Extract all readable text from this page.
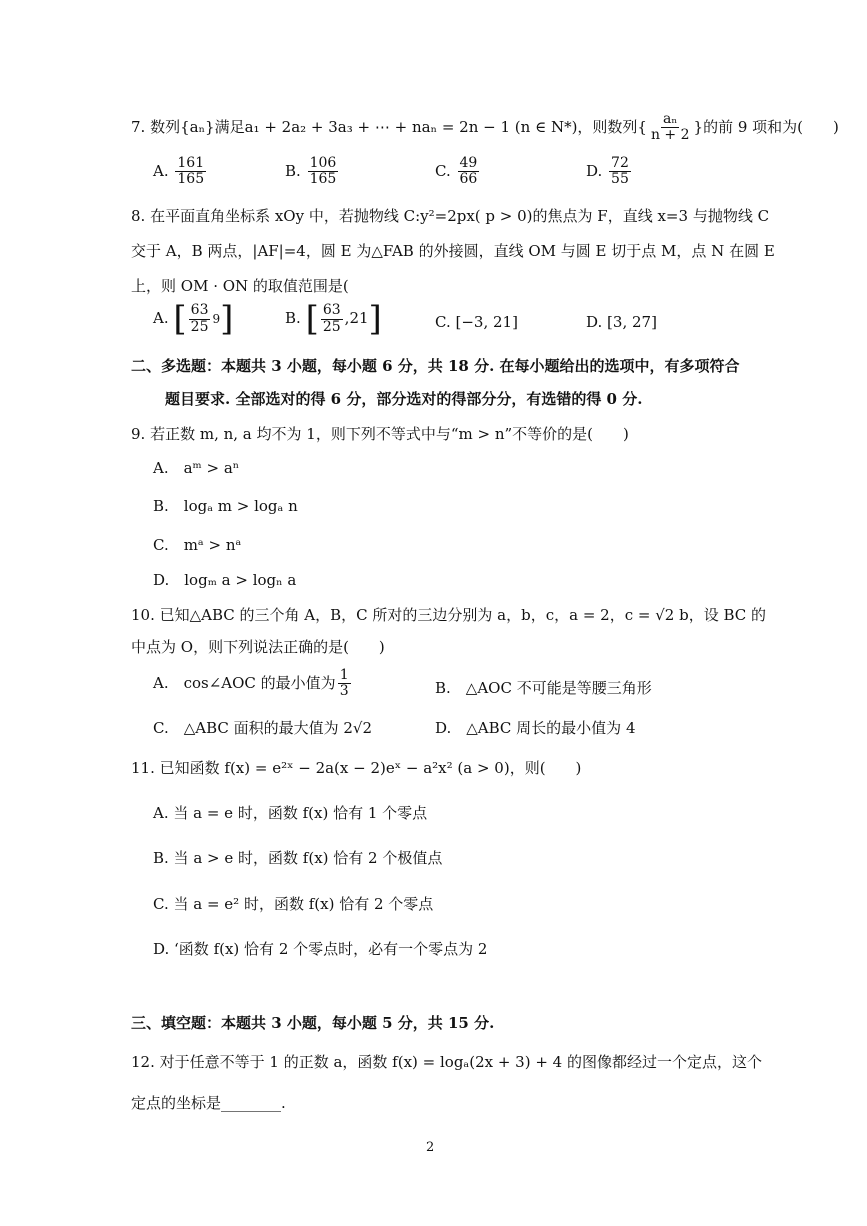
7. 数列{aₙ}满足a₁ + 2a₂ + 3a₃ + ⋯ + naₙ = 2n − 1 (n ∈ N*)，则数列{ $\frac{\text{aₙ}}{n + 2}$ }的前 9 项和为(　　)
A. $\frac{161}{165}$	B. $\frac{106}{165}$	C. $\frac{49}{66}$	D. $\frac{72}{55}$
8. 在平面直角坐标系 xOy 中，若抛物线 C:y²=2px( p > 0)的焦点为 F，直线 x=3 与抛物线 C
交于 A，B 两点，|AF|=4，圆 E 为△FAB 的外接圆，直线 OM 与圆 E 切于点 M，点 N 在圆 E
上，则 OM · ON 的取值范围是(
A. [ $\frac{63}{25} 9$]	B. [ $\frac{63}{25} ,21$]	C. [−3, 21]	D. [3, 27]
二、多选题：本题共 3 小题，每小题 6 分，共 18 分. 在每小题给出的选项中，有多项符合
题目要求. 全部选对的得 6 分，部分选对的得部分分，有选错的得 0 分.
9. 若正数 m, n, a 均不为 1，则下列不等式中与“m > n”不等价的是(　　)
A.　aᵐ > aⁿ
B.　logₐ m > logₐ n
C.　mᵃ > nᵃ
D.　logₘ a > logₙ a
10. 已知△ABC 的三个角 A，B，C 所对的三边分别为 a，b，c，a = 2，c = √2 b，设 BC 的
中点为 O，则下列说法正确的是(　　)
A.　cos∠AOC 的最小值为 $\frac{1}{3}$	B.　△AOC 不可能是等腰三角形
C.　△ABC 面积的最大值为 2√2	D.　△ABC 周长的最小值为 4
11. 已知函数 f(x) = e²ˣ − 2a(x − 2)eˣ − a²x² (a > 0)，则(　　)
A. 当 a = e 时，函数 f(x) 恰有 1 个零点
B. 当 a > e 时，函数 f(x) 恰有 2 个极值点
C. 当 a = e² 时，函数 f(x) 恰有 2 个零点
D. ‘函数 f(x) 恰有 2 个零点时，必有一个零点为 2
三、填空题：本题共 3 小题，每小题 5 分，共 15 分.
12. 对于任意不等于 1 的正数 a，函数 f(x) = logₐ(2x + 3) + 4 的图像都经过一个定点，这个
定点的坐标是________.
2
